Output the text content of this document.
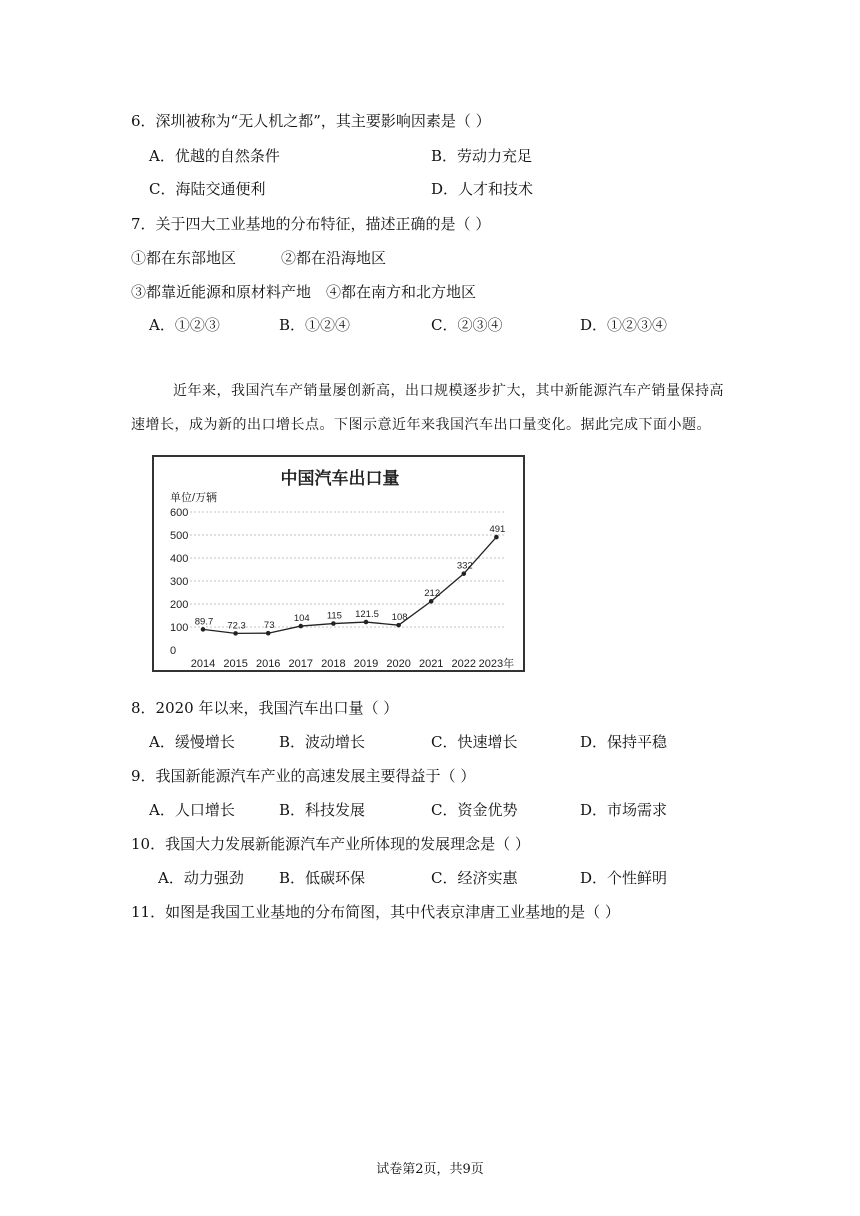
6．深圳被称为“无人机之都”，其主要影响因素是（ ）
A．优越的自然条件	B．劳动力充足
C．海陆交通便利	D．人才和技术
7．关于四大工业基地的分布特征，描述正确的是（ ）
①都在东部地区　　　②都在沿海地区
③都靠近能源和原材料产地　④都在南方和北方地区
A．①②③	B．①②④	C．②③④	D．①②③④
近年来，我国汽车产销量屡创新高，出口规模逐步扩大，其中新能源汽车产销量保持高速增长，成为新的出口增长点。下图示意近年来我国汽车出口量变化。据此完成下面小题。
中国汽车出口量
单位/万辆
0
100
200
300
400
500
600
89.7 72.3 73
104 115 121.5 108
212
332
491
2014 2015 2016 2017 2018 2019 2020 2021 2022 2023年
8．2020 年以来，我国汽车出口量（ ）
A．缓慢增长	B．波动增长	C．快速增长	D．保持平稳
9．我国新能源汽车产业的高速发展主要得益于（ ）
A．人口增长	B．科技发展	C．资金优势	D．市场需求
10．我国大力发展新能源汽车产业所体现的发展理念是（ ）
A．动力强劲 B．低碳环保	C．经济实惠	D．个性鲜明
11．如图是我国工业基地的分布简图，其中代表京津唐工业基地的是（ ）
试卷第2页，共9页
